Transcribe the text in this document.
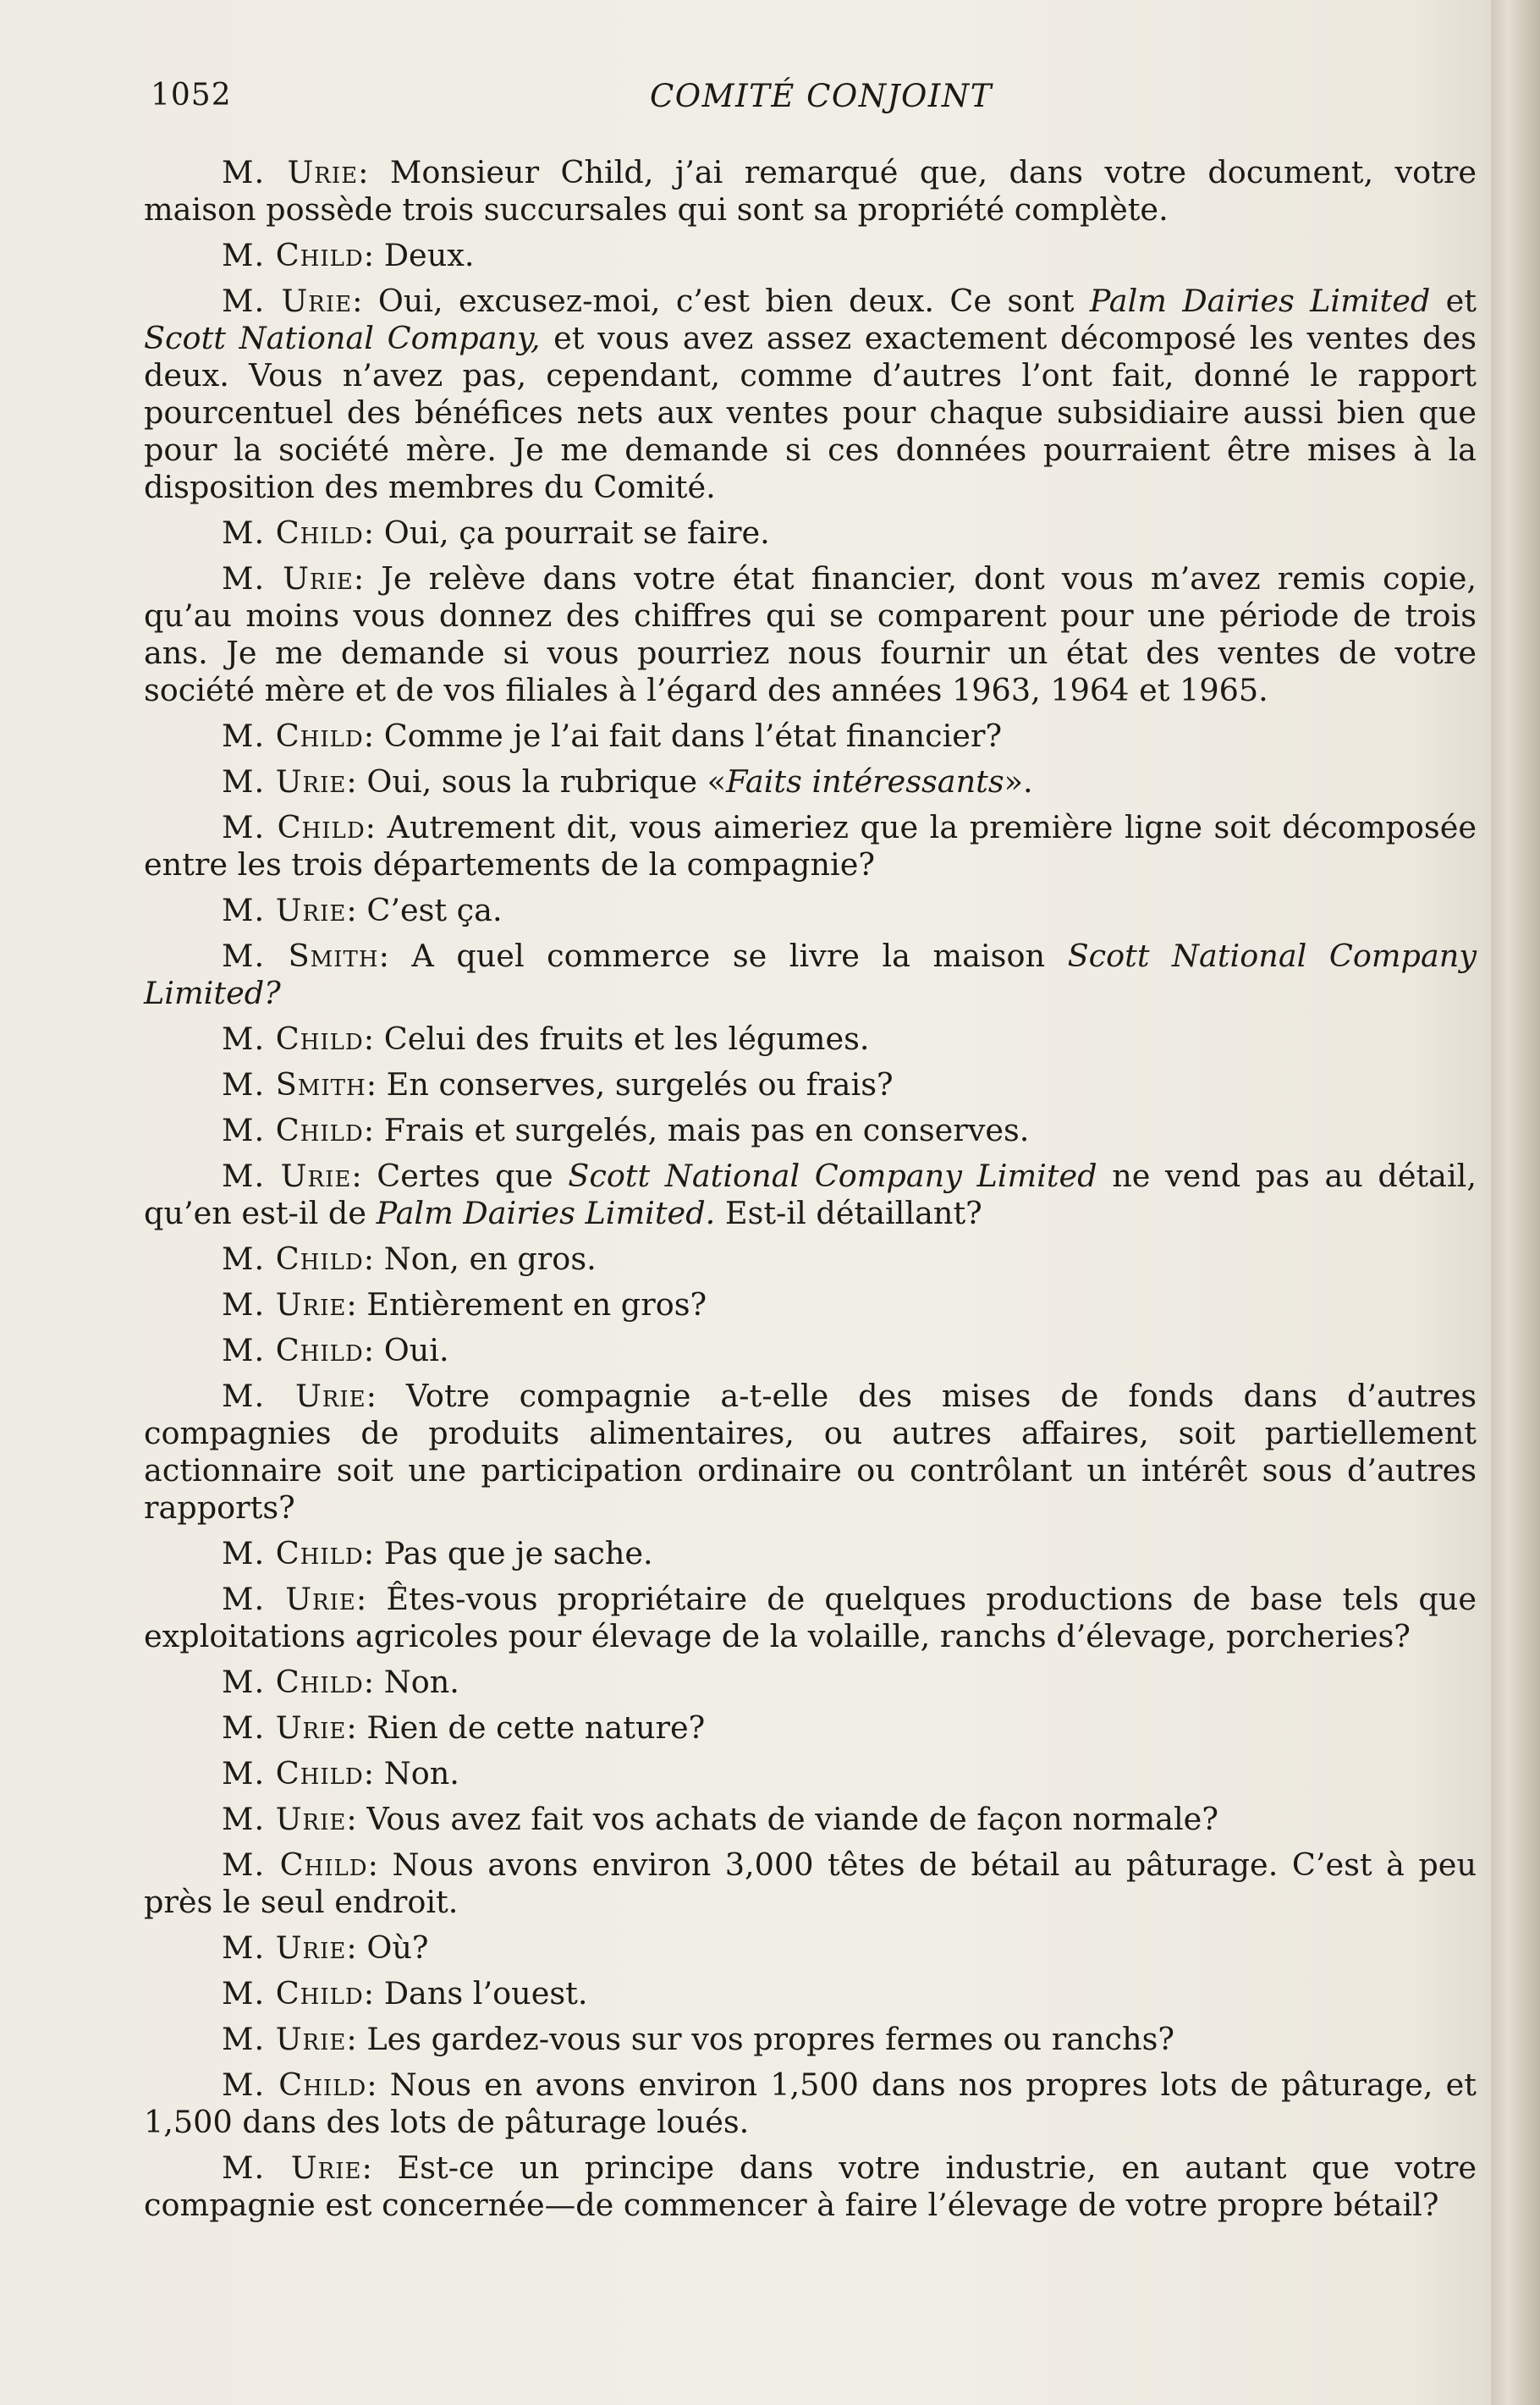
1052	COMITÉ CONJOINT

M. Urie: Monsieur Child, j’ai remarqué que, dans votre document, votre maison possède trois succursales qui sont sa propriété complète.

M. Child: Deux.

M. Urie: Oui, excusez-moi, c’est bien deux. Ce sont Palm Dairies Limited et Scott National Company, et vous avez assez exactement décomposé les ventes des deux. Vous n’avez pas, cependant, comme d’autres l’ont fait, donné le rapport pourcentuel des bénéfices nets aux ventes pour chaque subsidiaire aussi bien que pour la société mère. Je me demande si ces données pourraient être mises à la disposition des membres du Comité.

M. Child: Oui, ça pourrait se faire.

M. Urie: Je relève dans votre état financier, dont vous m’avez remis copie, qu’au moins vous donnez des chiffres qui se comparent pour une période de trois ans. Je me demande si vous pourriez nous fournir un état des ventes de votre société mère et de vos filiales à l’égard des années 1963, 1964 et 1965.

M. Child: Comme je l’ai fait dans l’état financier?

M. Urie: Oui, sous la rubrique «Faits intéressants».

M. Child: Autrement dit, vous aimeriez que la première ligne soit décomposée entre les trois départements de la compagnie?

M. Urie: C’est ça.

M. Smith: A quel commerce se livre la maison Scott National Company Limited?

M. Child: Celui des fruits et les légumes.

M. Smith: En conserves, surgelés ou frais?

M. Child: Frais et surgelés, mais pas en conserves.

M. Urie: Certes que Scott National Company Limited ne vend pas au détail, qu’en est-il de Palm Dairies Limited. Est-il détaillant?

M. Child: Non, en gros.

M. Urie: Entièrement en gros?

M. Child: Oui.

M. Urie: Votre compagnie a-t-elle des mises de fonds dans d’autres compagnies de produits alimentaires, ou autres affaires, soit partiellement actionnaire soit une participation ordinaire ou contrôlant un intérêt sous d’autres rapports?

M. Child: Pas que je sache.

M. Urie: Êtes-vous propriétaire de quelques productions de base tels que exploitations agricoles pour élevage de la volaille, ranchs d’élevage, porcheries?

M. Child: Non.

M. Urie: Rien de cette nature?

M. Child: Non.

M. Urie: Vous avez fait vos achats de viande de façon normale?

M. Child: Nous avons environ 3,000 têtes de bétail au pâturage. C’est à peu près le seul endroit.

M. Urie: Où?

M. Child: Dans l’ouest.

M. Urie: Les gardez-vous sur vos propres fermes ou ranchs?

M. Child: Nous en avons environ 1,500 dans nos propres lots de pâturage, et 1,500 dans des lots de pâturage loués.

M. Urie: Est-ce un principe dans votre industrie, en autant que votre compagnie est concernée—de commencer à faire l’élevage de votre propre bétail?
